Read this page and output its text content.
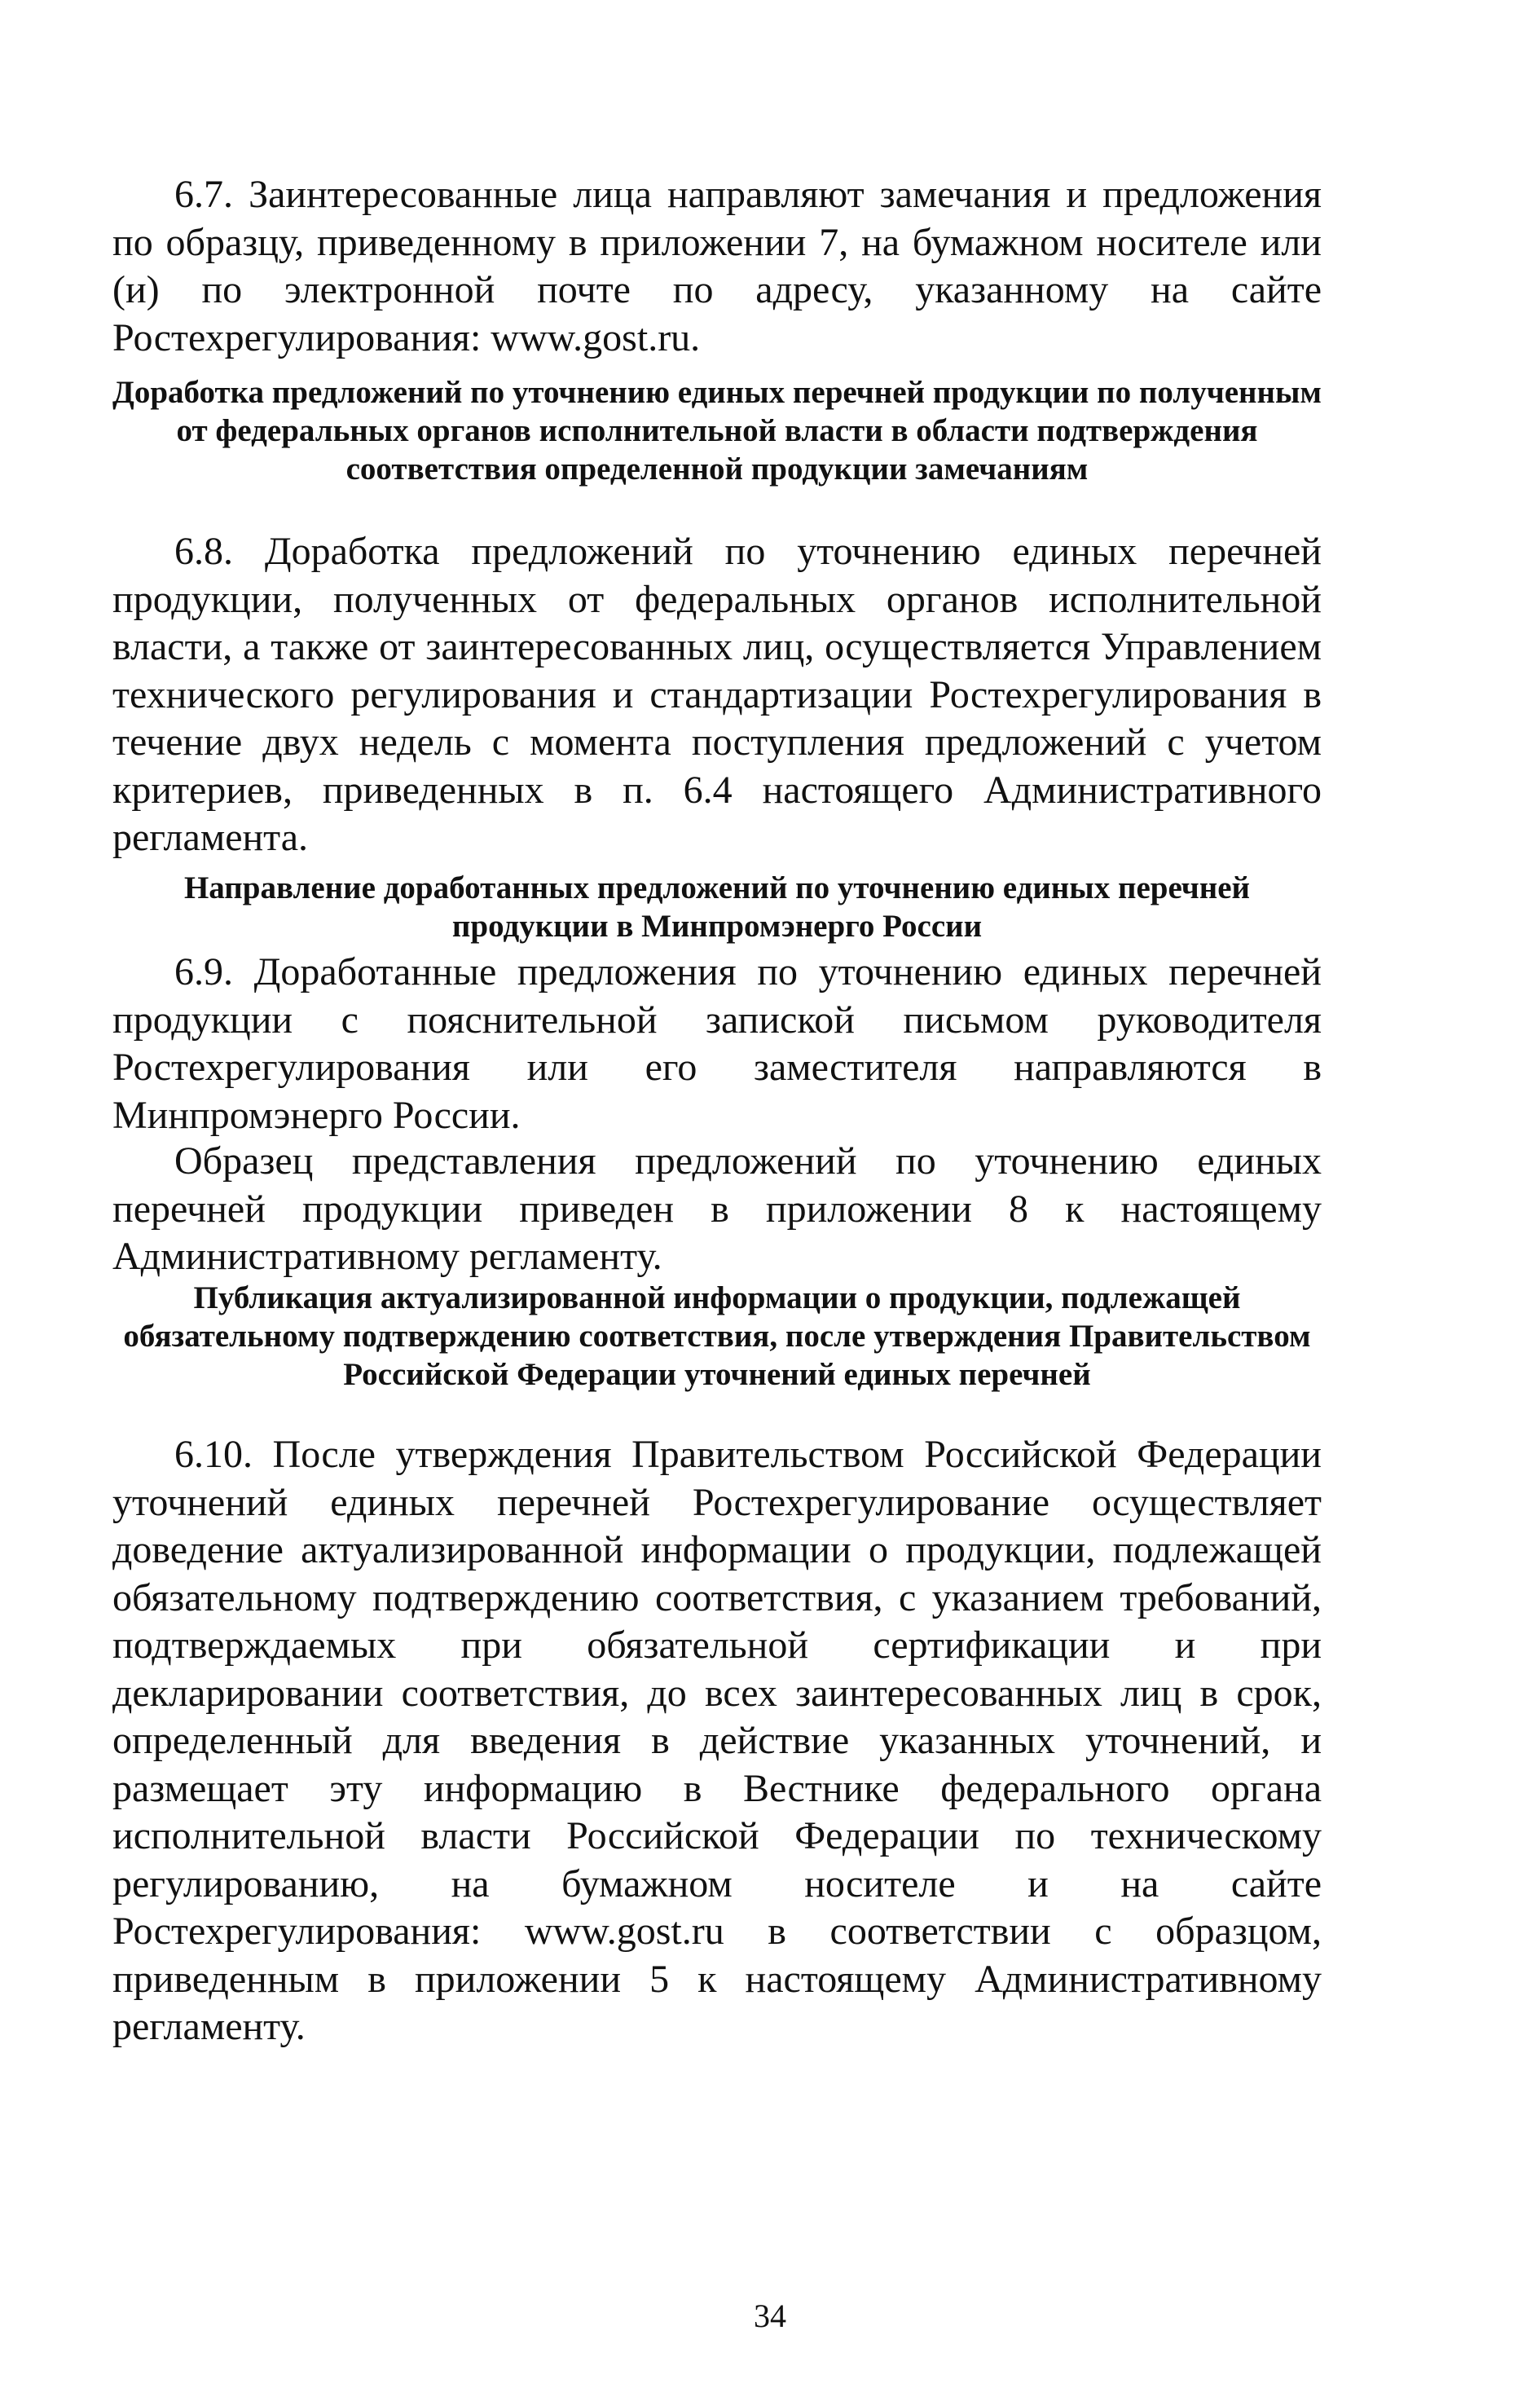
6.7. Заинтересованные лица направляют замечания и предложения по образцу, приведенному в приложении 7, на бумажном носителе или (и) по электронной почте по адресу, указанному на сайте Ростехрегулирования: www.gost.ru.

Доработка предложений по уточнению единых перечней продукции по полученным от федеральных органов исполнительной власти в области подтверждения соответствия определенной продукции замечаниям

6.8. Доработка предложений по уточнению единых перечней продукции, полученных от федеральных органов исполнительной власти, а также от заинтересованных лиц, осуществляется Управлением технического регулирования и стандартизации Ростехрегулирования в течение двух недель с момента поступления предложений с учетом критериев, приведенных в п. 6.4 настоящего Административного регламента.

Направление доработанных предложений по уточнению единых перечней продукции в Минпромэнерго России

6.9. Доработанные предложения по уточнению единых перечней продукции с пояснительной запиской письмом руководителя Ростехрегулирования или его заместителя направляются в Минпромэнерго России.

Образец представления предложений по уточнению единых перечней продукции приведен в приложении 8 к настоящему Административному регламенту.

Публикация актуализированной информации о продукции, подлежащей обязательному подтверждению соответствия, после утверждения Правительством Российской Федерации уточнений единых перечней

6.10. После утверждения Правительством Российской Федерации уточнений единых перечней Ростехрегулирование осуществляет доведение актуализированной информации о продукции, подлежащей обязательному подтверждению соответствия, с указанием требований, подтверждаемых при обязательной сертификации и при декларировании соответствия, до всех заинтересованных лиц в срок, определенный для введения в действие указанных уточнений, и размещает эту информацию в Вестнике федерального органа исполнительной власти Российской Федерации по техническому регулированию, на бумажном носителе и на сайте Ростехрегулирования: www.gost.ru в соответствии с образцом, приведенным в приложении 5 к настоящему Административному регламенту.

34
